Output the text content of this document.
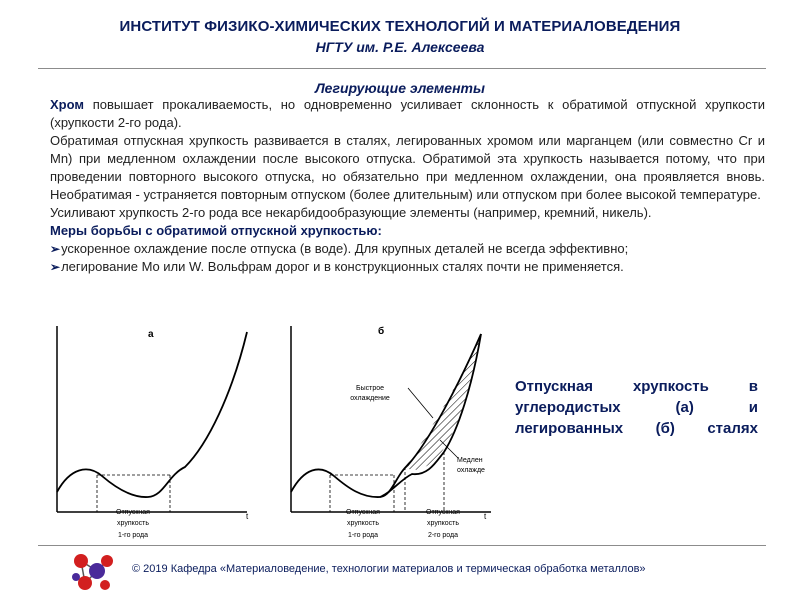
ИНСТИТУТ ФИЗИКО-ХИМИЧЕСКИХ ТЕХНОЛОГИЙ И МАТЕРИАЛОВЕДЕНИЯ
НГТУ им. Р.Е. Алексеева
Легирующие элементы

Хром повышает прокаливаемость, но одновременно усиливает склонность к обратимой отпускной хрупкости (хрупкости 2-го рода).

Обратимая отпускная хрупкость развивается в сталях, легированных хромом или марганцем (или совместно Cr и Mn) при медленном охлаждении после высокого отпуска. Обратимой эта хрупкость называется потому, что при проведении повторного высокого отпуска, но обязательно при медленном охлаждении, она проявляется вновь. Необратимая - устраняется повторным отпуском (более длительным) или отпуском при более высокой температуре.

Усиливают хрупкость 2-го рода все некарбидообразующие элементы (например, кремний, никель).

Меры борьбы с обратимой отпускной хрупкостью:

➢ ускоренное охлаждение после отпуска (в воде). Для крупных деталей не всегда эффективно;
➢ легирование Mo или W. Вольфрам дорог и в конструкционных сталях почти не применяется.
а
t
Отпускная
хрупкость
1-го рода
б
t
Быстрое
охлаждение
Медлен
охлажде
Отпускная
хрупкость
1-го рода
Отпускная
хрупкость
2-го рода
Отпускная хрупкость в
углеродистых (а) и
легированных (б) сталях
© 2019 Кафедра «Материаловедение, технологии материалов и термическая обработка металлов»
